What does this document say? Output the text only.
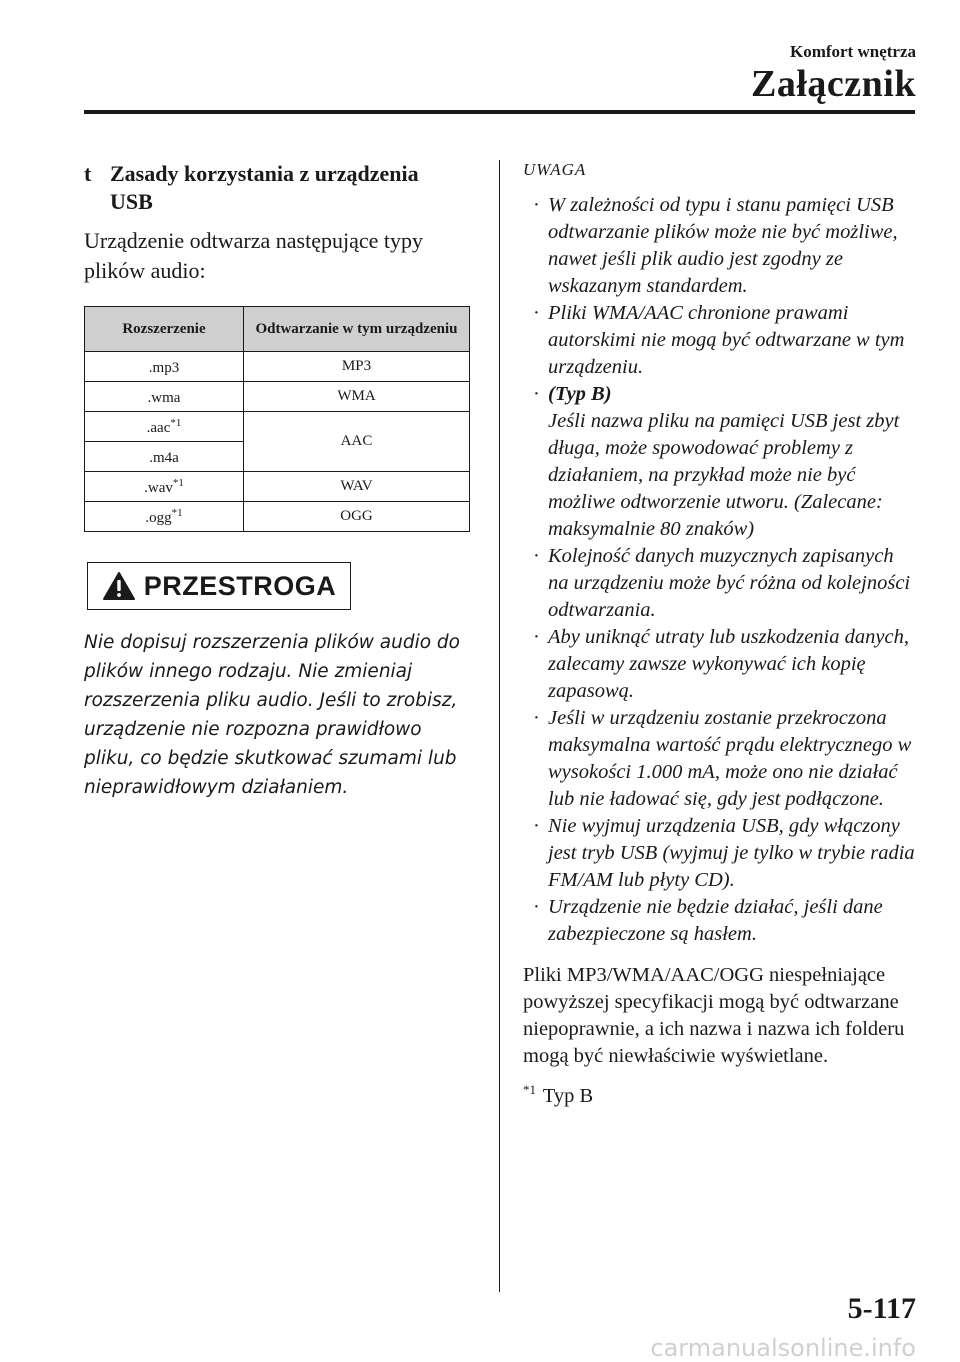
Komfort wnętrza
Załącznik
t Zasady korzystania z urządzenia
USB
Urządzenie odtwarza następujące typy plików audio:
Rozszerzenie	Odtwarzanie w tym urządzeniu
.mp3	MP3
.wma	WMA
.aac$^{*1}$	AAC
.m4a	
.wav$^{*1}$	WAV
.ogg$^{*1}$	OGG
PRZESTROGA
Nie dopisuj rozszerzenia plików audio do plików innego rodzaju. Nie zmieniaj rozszerzenia pliku audio. Jeśli to zrobisz, urządzenie nie rozpozna prawidłowo pliku, co będzie skutkować szumami lub nieprawidłowym działaniem.
UWAGA
· W zależności od typu i stanu pamięci USB odtwarzanie plików może nie być możliwe, nawet jeśli plik audio jest zgodny ze wskazanym standardem.
· Pliki WMA/AAC chronione prawami autorskimi nie mogą być odtwarzane w tym urządzeniu.
· (Typ B)
Jeśli nazwa pliku na pamięci USB jest zbyt długa, może spowodować problemy z działaniem, na przykład może nie być możliwe odtworzenie utworu. (Zalecane: maksymalnie 80 znaków)
· Kolejność danych muzycznych zapisanych na urządzeniu może być różna od kolejności odtwarzania.
· Aby uniknąć utraty lub uszkodzenia danych, zalecamy zawsze wykonywać ich kopię zapasową.
· Jeśli w urządzeniu zostanie przekroczona maksymalna wartość prądu elektrycznego w wysokości 1.000 mA, może ono nie działać lub nie ładować się, gdy jest podłączone.
· Nie wyjmuj urządzenia USB, gdy włączony jest tryb USB (wyjmuj je tylko w trybie radia FM/AM lub płyty CD).
· Urządzenie nie będzie działać, jeśli dane zabezpieczone są hasłem.
Pliki MP3/WMA/AAC/OGG niespełniające powyższej specyfikacji mogą być odtwarzane niepoprawnie, a ich nazwa i nazwa ich folderu mogą być niewłaściwie wyświetlane.
$^{*1}$ Typ B
5-117
carmanualsonline.info
